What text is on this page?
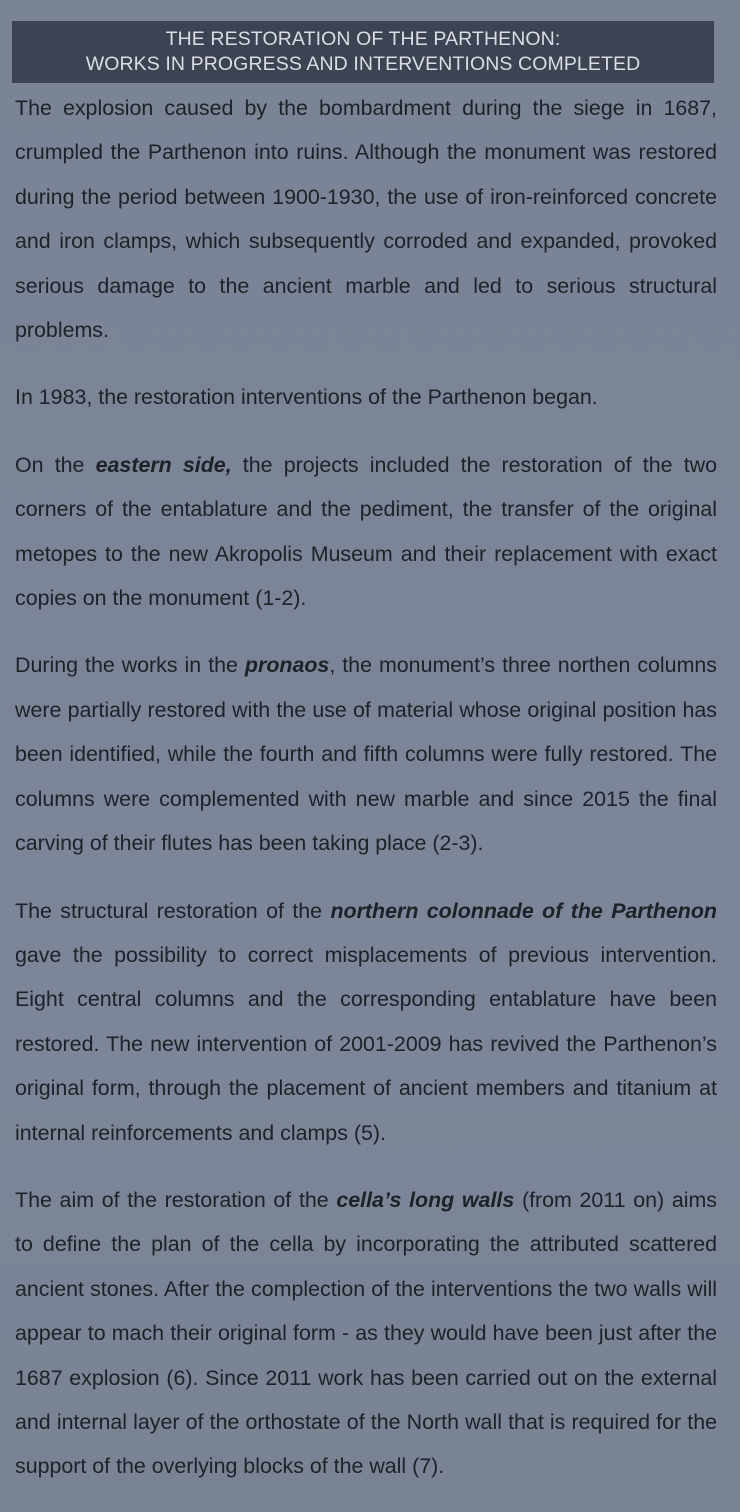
THE RESTORATION OF THE PARTHENON:
WORKS IN PROGRESS AND INTERVENTIONS COMPLETED

The explosion caused by the bombardment during the siege in 1687, crumpled the Parthenon into ruins. Although the monument was restored during the period between 1900-1930, the use of iron-reinforced concrete and iron clamps, which subsequently corroded and expanded, provoked serious damage to the ancient marble and led to serious structural problems.

In 1983, the restoration interventions of the Parthenon began.

On the eastern side, the projects included the restoration of the two corners of the entablature and the pediment, the transfer of the original metopes to the new Akropolis Museum and their replacement with exact copies on the monument (1-2).

During the works in the pronaos, the monument’s three northen columns were partially restored with the use of material whose original position has been identified, while the fourth and fifth columns were fully restored. The columns were complemented with new marble and since 2015 the final carving of their flutes has been taking place (2-3).

The structural restoration of the northern colonnade of the Parthenon gave the possibility to correct misplacements of previous intervention. Eight central columns and the corresponding entablature have been restored. The new intervention of 2001-2009 has revived the Parthenon’s original form, through the placement of ancient members and titanium at internal reinforcements and clamps (5).

The aim of the restoration of the cella’s long walls (from 2011 on) aims to define the plan of the cella by incorporating the attributed scattered ancient stones. After the complection of the interventions the two walls will appear to mach their original form - as they would have been just after the 1687 explosion (6). Since 2011 work has been carried out on the external and internal layer of the orthostate of the North wall that is required for the support of the overlying blocks of the wall (7).
